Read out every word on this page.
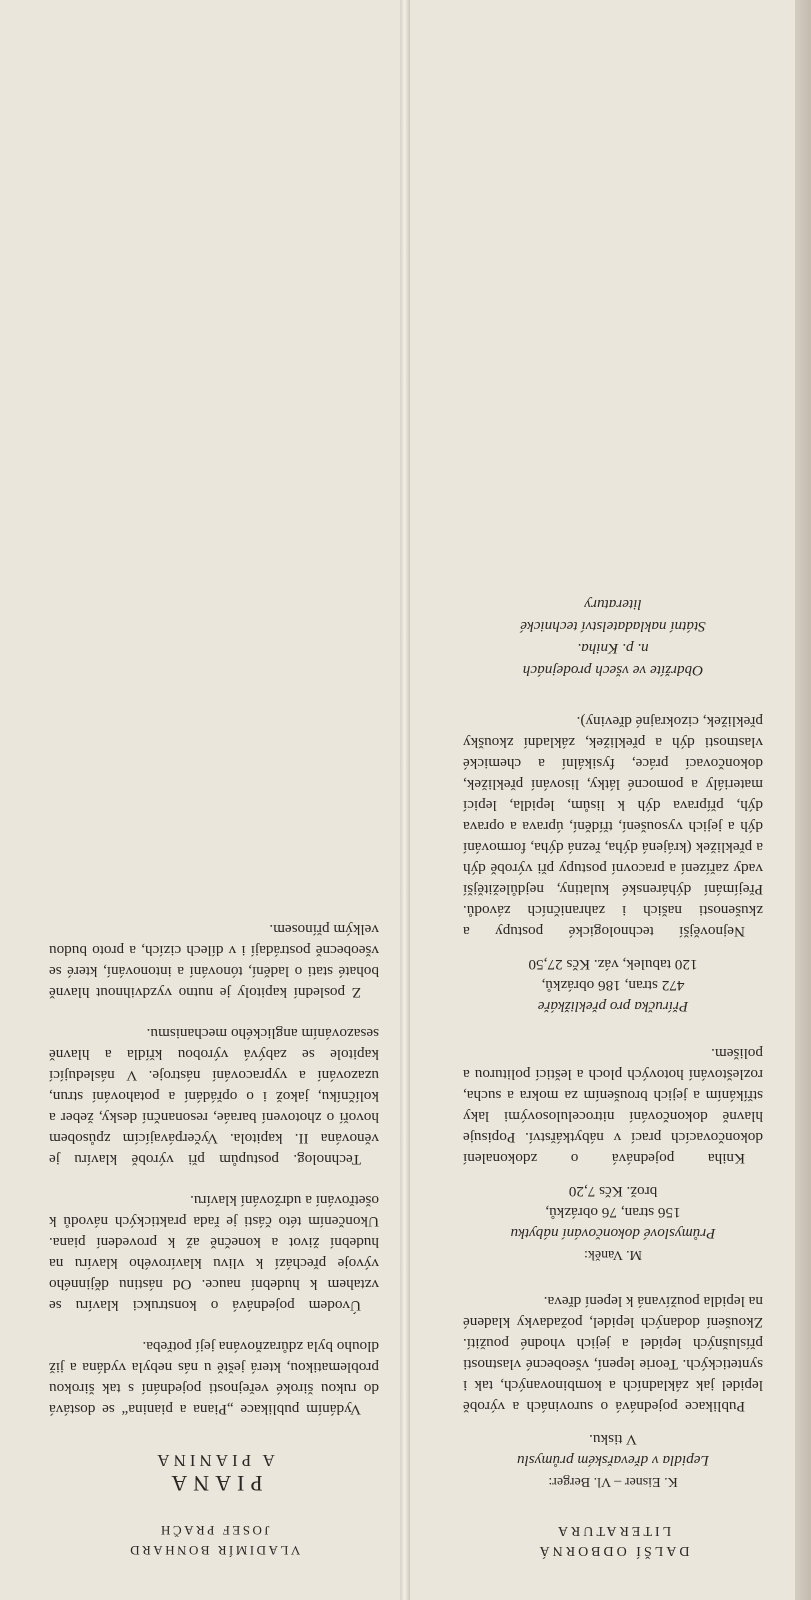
DALŠÍ ODBORNÁ
LITERATURA
K. Eisner – Vl. Berger:
Lepidla v dřevařském průmyslu
V tisku.

Publikace pojednává o surovinách a výrobě lepidel jak základních a kombinovaných, tak i syntetických. Teorie lepení, všeobecné vlastnosti příslušných lepidel a jejich vhodné použití. Zkoušení dodaných lepidel, požadavky kladené na lepidla používaná k lepení dřeva.

M. Vaněk:
Průmyslové dokončování nábytku
156 stran, 76 obrázků,
brož. Kčs 7,20

Kniha pojednává o zdokonalení dokončovacích prací v nábytkářství. Popisuje hlavně dokončování nitrocelulosovými laky stříkáním a jejich broušením za mokra a sucha, rozleštování hotových ploch a lešticí politurou a polišem.

Příručka pro překližkáře
472 stran, 186 obrázků,
120 tabulek, váz. Kčs 27,50

Nejnovější technologické postupy a zkušenosti našich i zahraničních závodů. Přejímání dýhárenské kulatiny, nejdůležitější vady zařízení a pracovní postupy při výrobě dýh a překližek (krájená dýha, řezná dýha, formování dýh a jejich vysoušení, třídění, úprava a oprava dýh, příprava dýh k lisům, lepidla, lepicí materiály a pomocné látky, lisování překližek, dokončovací práce, fysikální a chemické vlastnosti dýh a překližek, základní zkoušky překližek, cizokrajné dřeviny).

Obdržíte ve všech prodejnách
n. p. Kniha.
Státní nakladatelství technické
literatury
VLADIMÍR BONHARD
JOSEF PRAČH
PIANA
A PIANINA

Vydáním publikace „Piana a pianina“ se dostává do rukou široké veřejnosti pojednání s tak širokou problematikou, která ještě u nás nebyla vydána a již dlouho byla zdůrazňována její potřeba.

Úvodem pojednává o konstrukci klavíru se vztahem k hudební nauce. Od nástinu dějinného vývoje přechází k vlivu klavírového klavíru na hudební život a konečně až k provedení piana. Ukončením této části je řada praktických návodů k ošetřování a udržování klavíru.

Technolog. postupům při výrobě klavíru je věnována II. kapitola. Vyčerpávajícím způsobem hovoří o zhotovení baraáe, resonanční desky, žeber a kolíčníku, jakož i o opřádání a potahování strun, uzazování a vypracování nástroje. V následující kapitole se zabývá výrobou křídla a hlavně sesazováním anglického mechanismu.

Z poslední kapitoly je nutno vyzdvihnout hlavně bohaté stati o ladění, tónování a intonování, které se všeobecně postrádají i v dílech cizích, a proto budou velkým přínosem.
